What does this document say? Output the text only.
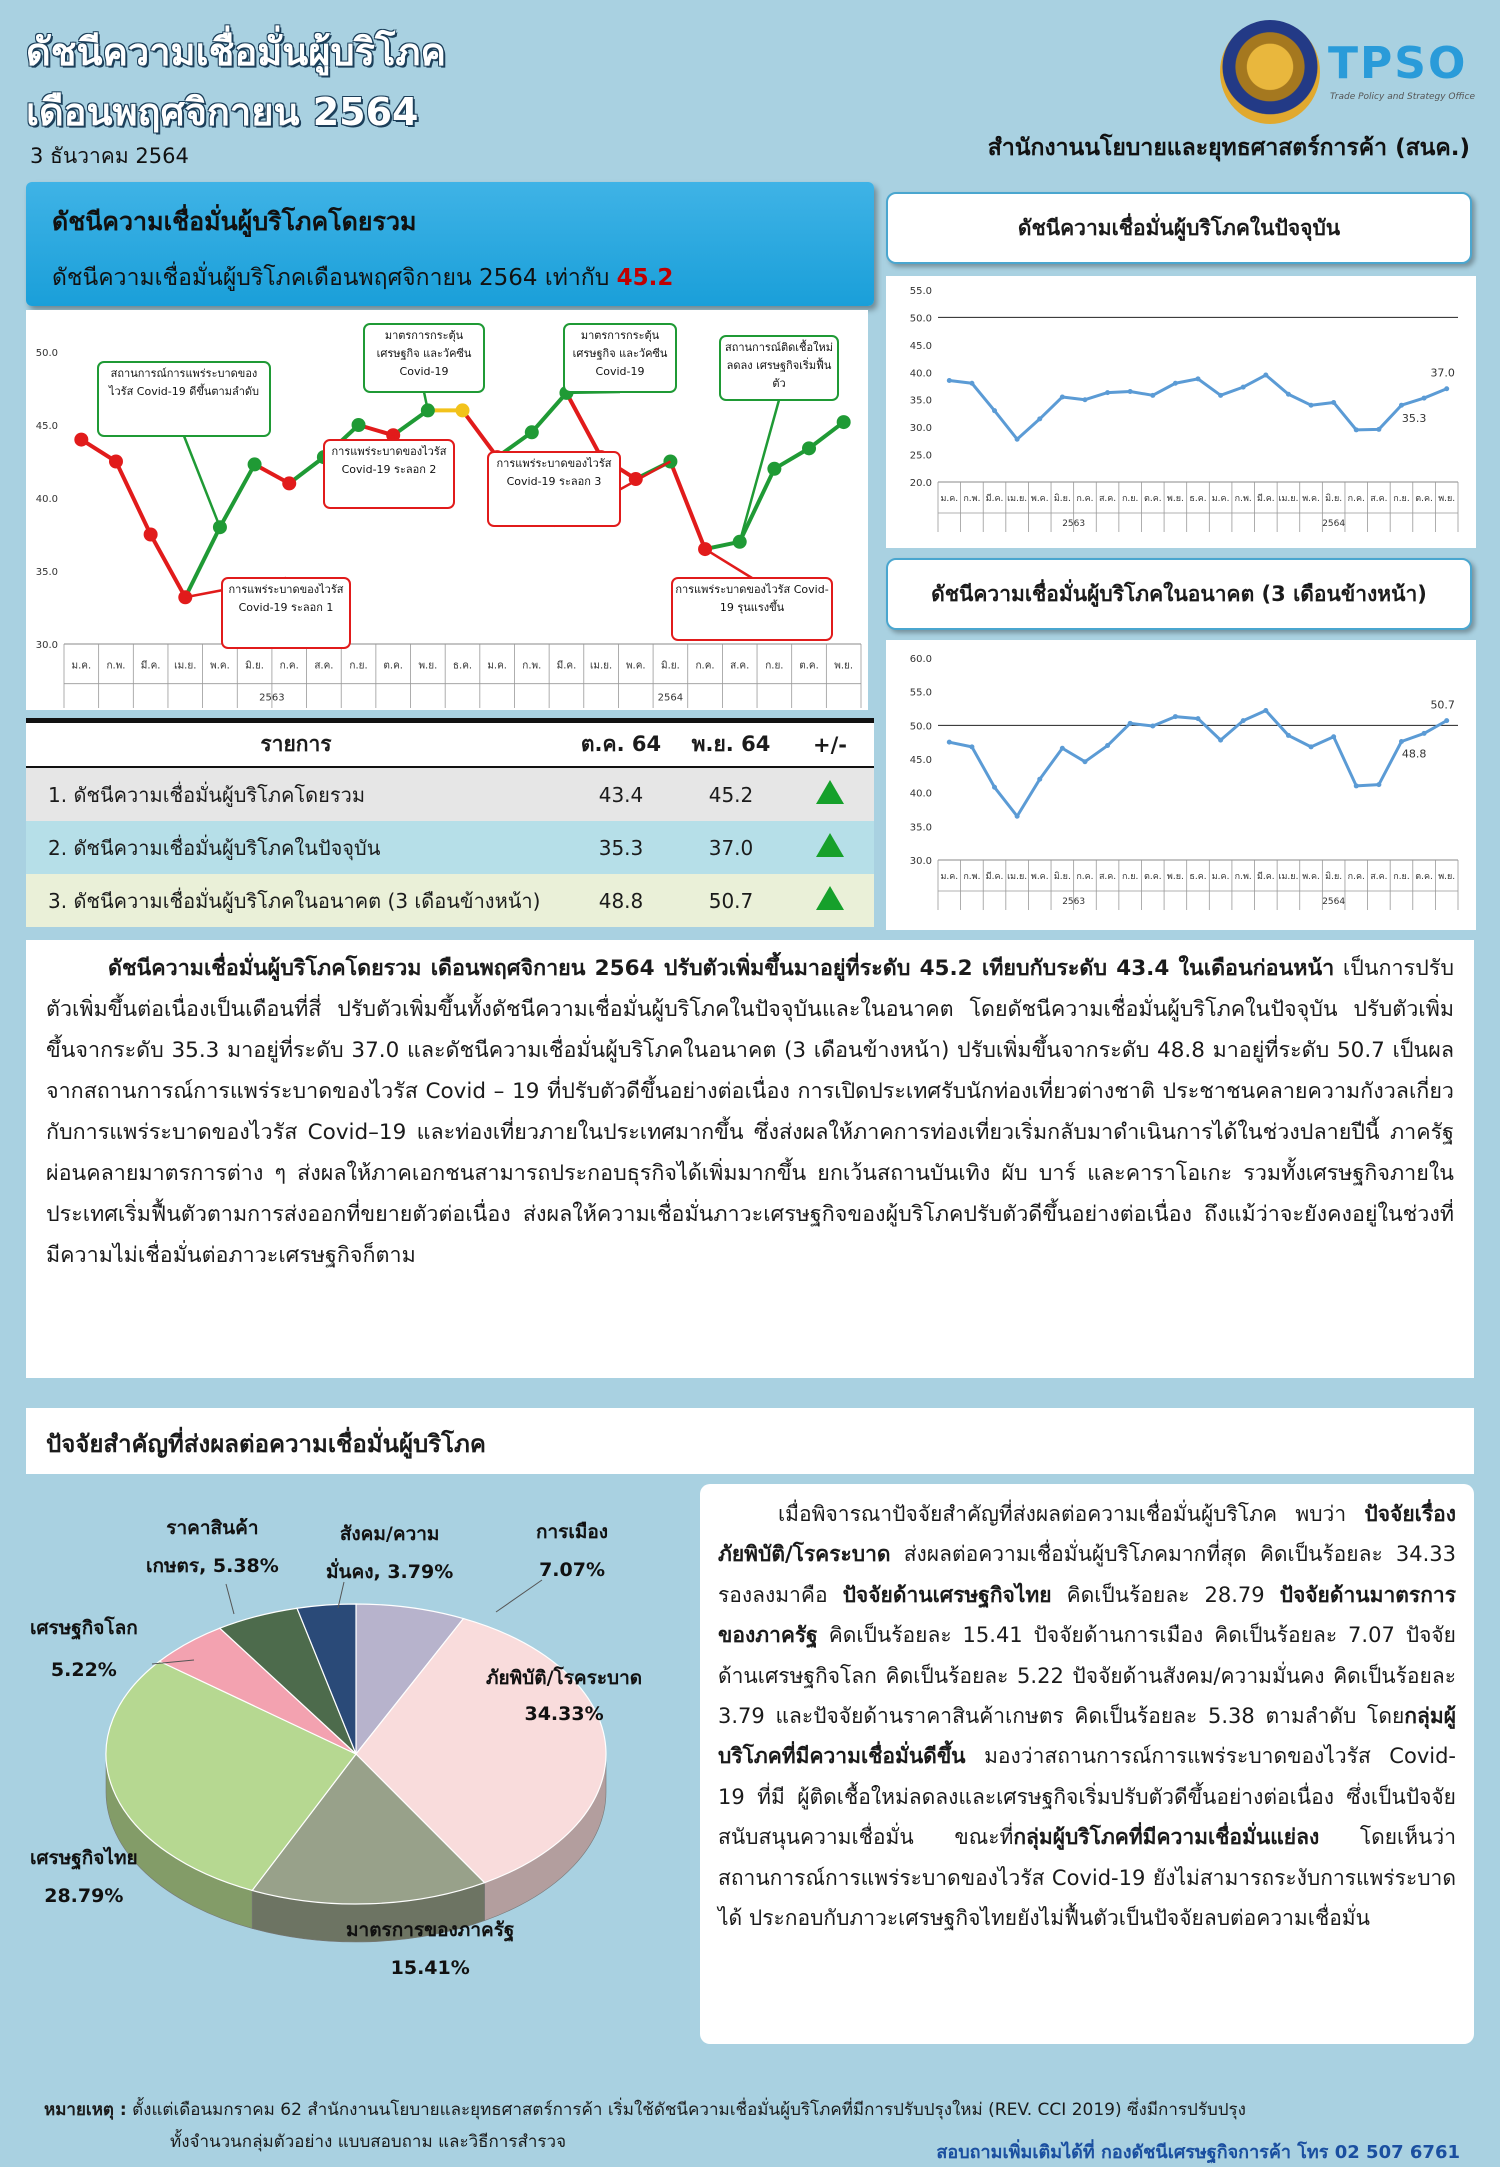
ดัชนีความเชื่อมั่นผู้บริโภค
เดือนพฤศจิกายน 2564
3 ธันวาคม 2564	สำนักงานนโยบายและยุทธศาสตร์การค้า (สนค.)
TPSO
Trade Policy and Strategy Office
ดัชนีความเชื่อมั่นผู้บริโภคโดยรวม
ดัชนีความเชื่อมั่นผู้บริโภคเดือนพฤศจิกายน 2564 เท่ากับ 45.2
50.0
45.0
40.0
35.0
30.0
ม.ค. ก.พ. มี.ค. เม.ย. พ.ค. มิ.ย. ก.ค. ส.ค. ก.ย. ต.ค. พ.ย. ธ.ค. ม.ค. ก.พ. มี.ค. เม.ย. พ.ค. มิ.ย. ก.ค. ส.ค. ก.ย. ต.ค. พ.ย.
2563	2564
สถานการณ์การแพร่ระบาดของไวรัส Covid-19 ดีขึ้นตามลำดับ
มาตรการกระตุ้นเศรษฐกิจ และวัคซีน Covid-19
มาตรการกระตุ้นเศรษฐกิจ และวัคซีน Covid-19
สถานการณ์ติดเชื้อใหม่ลดลง เศรษฐกิจเริ่มฟื้นตัว
การแพร่ระบาดของไวรัส Covid-19 ระลอก 2	การแพร่ระบาดของไวรัส Covid-19 ระลอก 3
การแพร่ระบาดของไวรัส Covid-19 ระลอก 1
การแพร่ระบาดของไวรัส Covid-19 รุนแรงขึ้น
รายการ	ต.ค. 64	พ.ย. 64	+/-
1. ดัชนีความเชื่อมั่นผู้บริโภคโดยรวม	43.4	45.2
2. ดัชนีความเชื่อมั่นผู้บริโภคในปัจจุบัน	35.3	37.0
3. ดัชนีความเชื่อมั่นผู้บริโภคในอนาคต (3 เดือนข้างหน้า)	48.8	50.7
ดัชนีความเชื่อมั่นผู้บริโภคในปัจจุบัน
55.0
50.0
45.0
40.0
35.0
30.0
25.0
20.0
ม.ค. ก.พ. มี.ค. เม.ย. พ.ค. มิ.ย. ก.ค. ส.ค. ก.ย. ต.ค. พ.ย. ธ.ค. ม.ค. ก.พ. มี.ค. เม.ย. พ.ค. มิ.ย. ก.ค. ส.ค. ก.ย. ต.ค. พ.ย.
2563	2564
35.3
37.0
ดัชนีความเชื่อมั่นผู้บริโภคในอนาคต (3 เดือนข้างหน้า)
60.0
55.0
50.0
45.0
40.0
35.0
30.0
ม.ค. ก.พ. มี.ค. เม.ย. พ.ค. มิ.ย. ก.ค. ส.ค. ก.ย. ต.ค. พ.ย. ธ.ค. ม.ค. ก.พ. มี.ค. เม.ย. พ.ค. มิ.ย. ก.ค. ส.ค. ก.ย. ต.ค. พ.ย.
2563	2564
48.8
50.7
ดัชนีความเชื่อมั่นผู้บริโภคโดยรวม เดือนพฤศจิกายน 2564 ปรับตัวเพิ่มขึ้นมาอยู่ที่ระดับ 45.2 เทียบกับระดับ 43.4 ในเดือนก่อนหน้า เป็นการปรับตัวเพิ่มขึ้นต่อเนื่องเป็นเดือนที่สี่ ปรับตัวเพิ่มขึ้นทั้งดัชนีความเชื่อมั่นผู้บริโภคในปัจจุบันและในอนาคต โดยดัชนีความเชื่อมั่นผู้บริโภคในปัจจุบัน ปรับตัวเพิ่มขึ้นจากระดับ 35.3 มาอยู่ที่ระดับ 37.0 และดัชนีความเชื่อมั่นผู้บริโภคในอนาคต (3 เดือนข้างหน้า) ปรับเพิ่มขึ้นจากระดับ 48.8 มาอยู่ที่ระดับ 50.7 เป็นผลจากสถานการณ์การแพร่ระบาดของไวรัส Covid – 19 ที่ปรับตัวดีขึ้นอย่างต่อเนื่อง การเปิดประเทศรับนักท่องเที่ยวต่างชาติ ประชาชนคลายความกังวลเกี่ยวกับการแพร่ระบาดของไวรัส Covid–19 และท่องเที่ยวภายในประเทศมากขึ้น ซึ่งส่งผลให้ภาคการท่องเที่ยวเริ่มกลับมาดำเนินการได้ในช่วงปลายปีนี้ ภาครัฐผ่อนคลายมาตรการต่าง ๆ ส่งผลให้ภาคเอกชนสามารถประกอบธุรกิจได้เพิ่มมากขึ้น ยกเว้นสถานบันเทิง ผับ บาร์ และคาราโอเกะ รวมทั้งเศรษฐกิจภายในประเทศเริ่มฟื้นตัวตามการส่งออกที่ขยายตัวต่อเนื่อง ส่งผลให้ความเชื่อมั่นภาวะเศรษฐกิจของผู้บริโภคปรับตัวดีขึ้นอย่างต่อเนื่อง ถึงแม้ว่าจะยังคงอยู่ในช่วงที่มีความไม่เชื่อมั่นต่อภาวะเศรษฐกิจก็ตาม
ปัจจัยสำคัญที่ส่งผลต่อความเชื่อมั่นผู้บริโภค
ราคาสินค้า
เกษตร, 5.38%
สังคม/ความ
มั่นคง, 3.79%
การเมือง
7.07%
เศรษฐกิจโลก
5.22%	ภัยพิบัติ/โรคระบาด
34.33%
เศรษฐกิจไทย
28.79%
มาตรการของภาครัฐ
15.41%
เมื่อพิจารณาปัจจัยสำคัญที่ส่งผลต่อความเชื่อมั่นผู้บริโภค พบว่า ปัจจัยเรื่องภัยพิบัติ/โรคระบาด ส่งผลต่อความเชื่อมั่นผู้บริโภคมากที่สุด คิดเป็นร้อยละ 34.33 รองลงมาคือ ปัจจัยด้านเศรษฐกิจไทย คิดเป็นร้อยละ 28.79 ปัจจัยด้านมาตรการของภาครัฐ คิดเป็นร้อยละ 15.41 ปัจจัยด้านการเมือง คิดเป็นร้อยละ 7.07 ปัจจัยด้านเศรษฐกิจโลก คิดเป็นร้อยละ 5.22 ปัจจัยด้านสังคม/ความมั่นคง คิดเป็นร้อยละ 3.79 และปัจจัยด้านราคาสินค้าเกษตร คิดเป็นร้อยละ 5.38 ตามลำดับ โดยกลุ่มผู้บริโภคที่มีความเชื่อมั่นดีขึ้น มองว่าสถานการณ์การแพร่ระบาดของไวรัส Covid-19 ที่มี ผู้ติดเชื้อใหม่ลดลงและเศรษฐกิจเริ่มปรับตัวดีขึ้นอย่างต่อเนื่อง ซึ่งเป็นปัจจัยสนับสนุนความเชื่อมั่น ขณะที่กลุ่มผู้บริโภคที่มีความเชื่อมั่นแย่ลง โดยเห็นว่าสถานการณ์การแพร่ระบาดของไวรัส Covid-19 ยังไม่สามารถระงับการแพร่ระบาดได้ ประกอบกับภาวะเศรษฐกิจไทยยังไม่ฟื้นตัวเป็นปัจจัยลบต่อความเชื่อมั่น
หมายเหตุ : ตั้งแต่เดือนมกราคม 62 สำนักงานนโยบายและยุทธศาสตร์การค้า เริ่มใช้ดัชนีความเชื่อมั่นผู้บริโภคที่มีการปรับปรุงใหม่ (REV. CCI 2019) ซึ่งมีการปรับปรุง
ทั้งจำนวนกลุ่มตัวอย่าง แบบสอบถาม และวิธีการสำรวจ	สอบถามเพิ่มเติมได้ที่ กองดัชนีเศรษฐกิจการค้า โทร 02 507 6761
